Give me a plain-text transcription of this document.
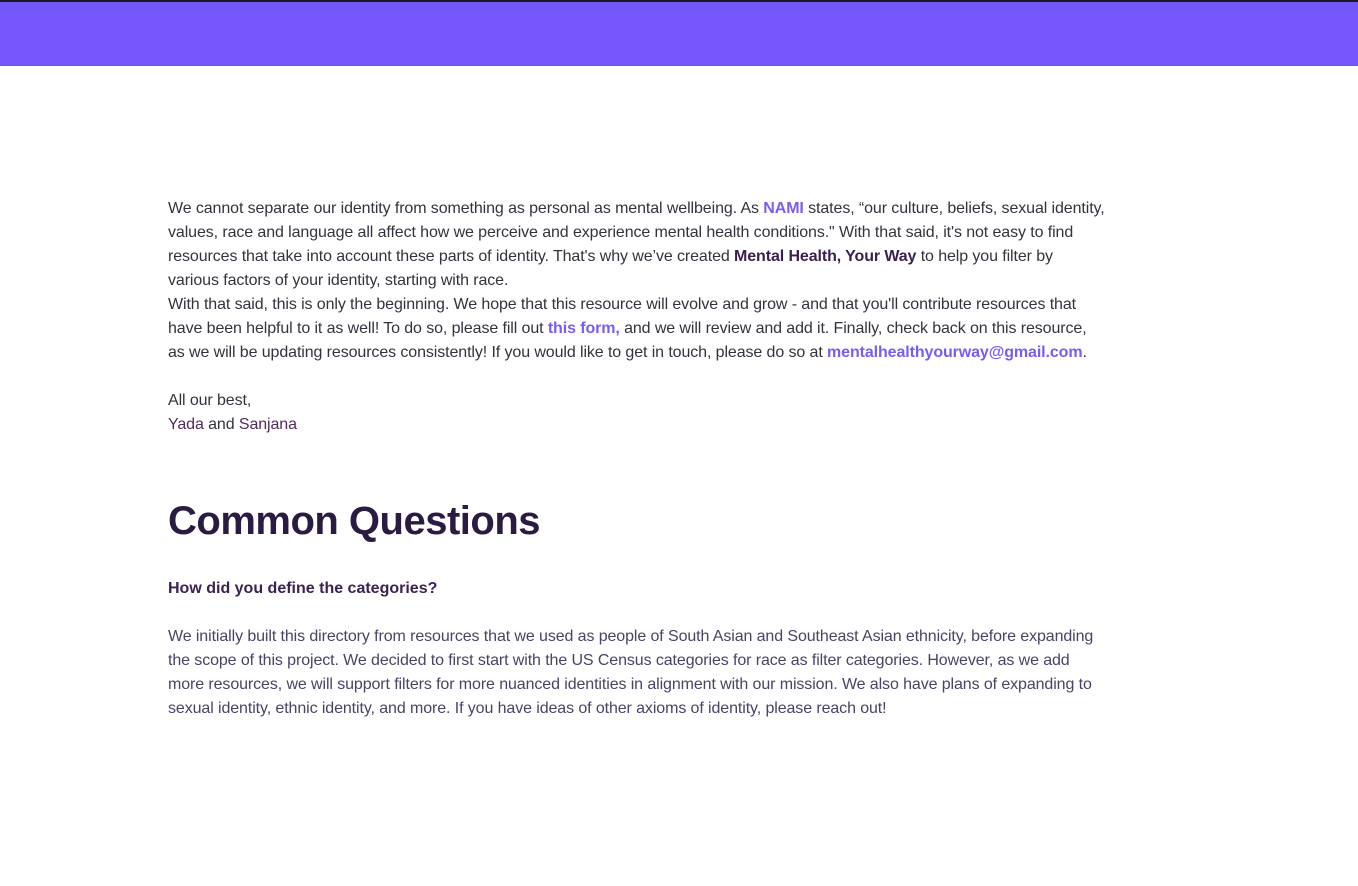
We cannot separate our identity from something as personal as mental wellbeing. As NAMI states, “our culture, beliefs, sexual identity, values, race and language all affect how we perceive and experience mental health conditions." With that said, it's not easy to find resources that take into account these parts of identity. That's why we’ve created Mental Health, Your Way to help you filter by various factors of your identity, starting with race.

With that said, this is only the beginning. We hope that this resource will evolve and grow - and that you'll contribute resources that have been helpful to it as well! To do so, please fill out this form, and we will review and add it. Finally, check back on this resource, as we will be updating resources consistently! If you would like to get in touch, please do so at mentalhealthyourway@gmail.com.

All our best,

Yada and Sanjana

Common Questions
How did you define the categories?

We initially built this directory from resources that we used as people of South Asian and Southeast Asian ethnicity, before expanding the scope of this project. We decided to first start with the US Census categories for race as filter categories. However, as we add more resources, we will support filters for more nuanced identities in alignment with our mission. We also have plans of expanding to sexual identity, ethnic identity, and more. If you have ideas of other axioms of identity, please reach out!
